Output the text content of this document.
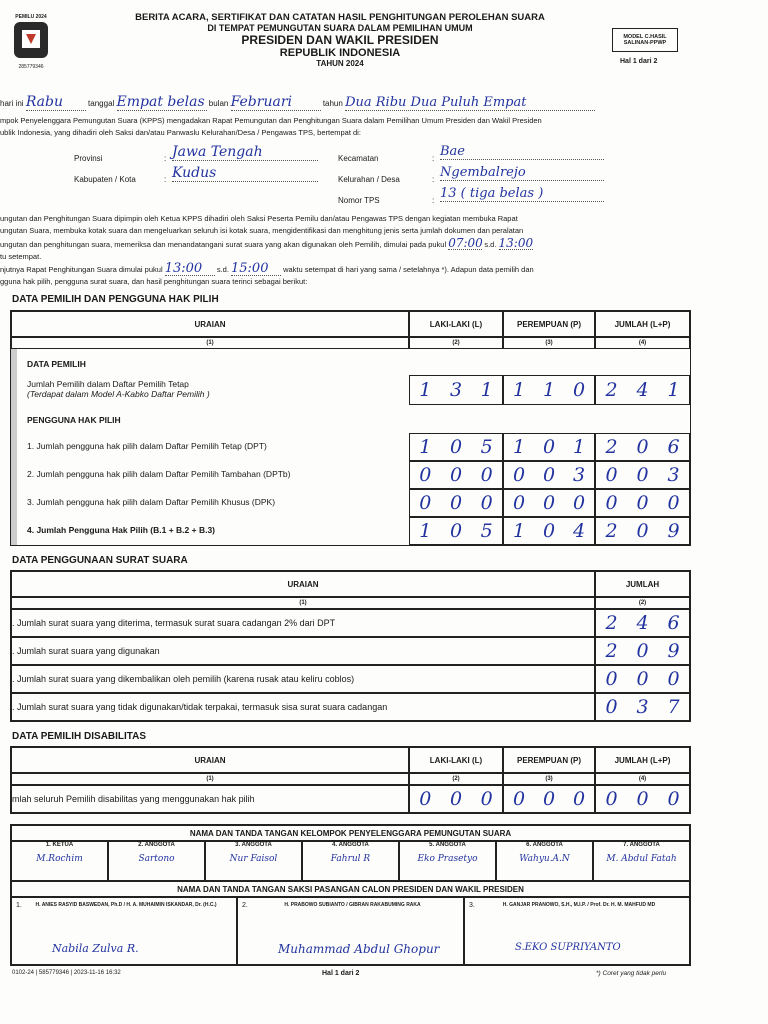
PEMILU 2024
285779346
BERITA ACARA, SERTIFIKAT DAN CATATAN HASIL PENGHITUNGAN PEROLEHAN SUARA
DI TEMPAT PEMUNGUTAN SUARA DALAM PEMILIHAN UMUM
PRESIDEN DAN WAKIL PRESIDEN
REPUBLIK INDONESIA
TAHUN 2024
MODEL C.HASIL SALINAN-PPWP
Hal 1 dari 2
hari ini Rabu	tanggal Empat belas bulan Februari	tahun Dua Ribu Dua Puluh Empat
mpok Penyelenggara Pemungutan Suara (KPPS) mengadakan Rapat Pemungutan dan Penghitungan Suara dalam Pemilihan Umum Presiden dan Wakil Presiden
ublik Indonesia, yang dihadiri oleh Saksi dan/atau Panwaslu Kelurahan/Desa / Pengawas TPS, bertempat di:
Provinsi	: Jawa Tengah
Kabupaten / Kota	: Kudus
Kecamatan	: Bae
Kelurahan / Desa	: Ngembalrejo
Nomor TPS	: 13 ( tiga belas )
ungutan dan Penghitungan Suara dipimpin oleh Ketua KPPS dihadiri oleh Saksi Peserta Pemilu dan/atau Pengawas TPS dengan kegiatan membuka Rapat
ungutan Suara, membuka kotak suara dan mengeluarkan seluruh isi kotak suara, mengidentifikasi dan menghitung jenis serta jumlah dokumen dan peralatan
ungutan dan penghitungan suara, memeriksa dan menandatangani surat suara yang akan digunakan oleh Pemilih, dimulai pada pukul 07:00 s.d. 13:00
tu setempat.
njutnya Rapat Penghitungan Suara dimulai pukul 13:00 s.d. 15:00 waktu setempat di hari yang sama / setelahnya *). Adapun data pemilih dan
gguna hak pilih, pengguna surat suara, dan hasil penghitungan suara terinci sebagai berikut:
DATA PEMILIH DAN PENGGUNA HAK PILIH
URAIAN	LAKI-LAKI (L)	PEREMPUAN (P)	JUMLAH (L+P)
(1)	(2)	(3)	(4)
DATA PEMILIH
Jumlah Pemilih dalam Daftar Pemilih Tetap
(Terdapat dalam Model A-Kabko Daftar Pemilih )	1 3 1	1 1 0	2 4 1
PENGGUNA HAK PILIH
1. Jumlah pengguna hak pilih dalam Daftar Pemilih Tetap (DPT)	1 0 5	1 0 1	2 0 6
2. Jumlah pengguna hak pilih dalam Daftar Pemilih Tambahan (DPTb)	0 0 0	0 0 3	0 0 3
3. Jumlah pengguna hak pilih dalam Daftar Pemilih Khusus (DPK)	0 0 0	0 0 0	0 0 0
4. Jumlah Pengguna Hak Pilih (B.1 + B.2 + B.3)	1 0 5	1 0 4	2 0 9
DATA PENGGUNAAN SURAT SUARA
URAIAN	JUMLAH
(1)	(2)
. Jumlah surat suara yang diterima, termasuk surat suara cadangan 2% dari DPT	2 4 6
. Jumlah surat suara yang digunakan	2 0 9
. Jumlah surat suara yang dikembalikan oleh pemilih (karena rusak atau keliru coblos)	0 0 0
. Jumlah surat suara yang tidak digunakan/tidak terpakai, termasuk sisa surat suara cadangan	0 3 7
DATA PEMILIH DISABILITAS
URAIAN	LAKI-LAKI (L)	PEREMPUAN (P)	JUMLAH (L+P)
(1)	(2)	(3)	(4)
mlah seluruh Pemilih disabilitas yang menggunakan hak pilih	0 0 0	0 0 0	0 0 0
NAMA DAN TANDA TANGAN KELOMPOK PENYELENGGARA PEMUNGUTAN SUARA
1. KETUA
M.Rochim
2. ANGGOTA
Sartono
3. ANGGOTA
Nur Faisol
4. ANGGOTA
Fahrul R
5. ANGGOTA
Eko Prasetyo
6. ANGGOTA
Wahyu.A.N
7. ANGGOTA
M. Abdul Fatah
NAMA DAN TANDA TANGAN SAKSI PASANGAN CALON PRESIDEN DAN WAKIL PRESIDEN
1.	H. ANIES RASYID BASWEDAN, Ph.D / H. A. MUHAIMIN ISKANDAR, Dr. (H.C.)
Nabila Zulva R.
2.	H. PRABOWO SUBIANTO / GIBRAN RAKABUMING RAKA
Muhammad Abdul Ghopur
3.	H. GANJAR PRANOWO, S.H., M.I.P. / Prof. Dr. H. M. MAHFUD MD
S.EKO SUPRIYANTO
0102-24 | 585779346 | 2023-11-16 16:32	Hal 1 dari 2	*) Coret yang tidak perlu
